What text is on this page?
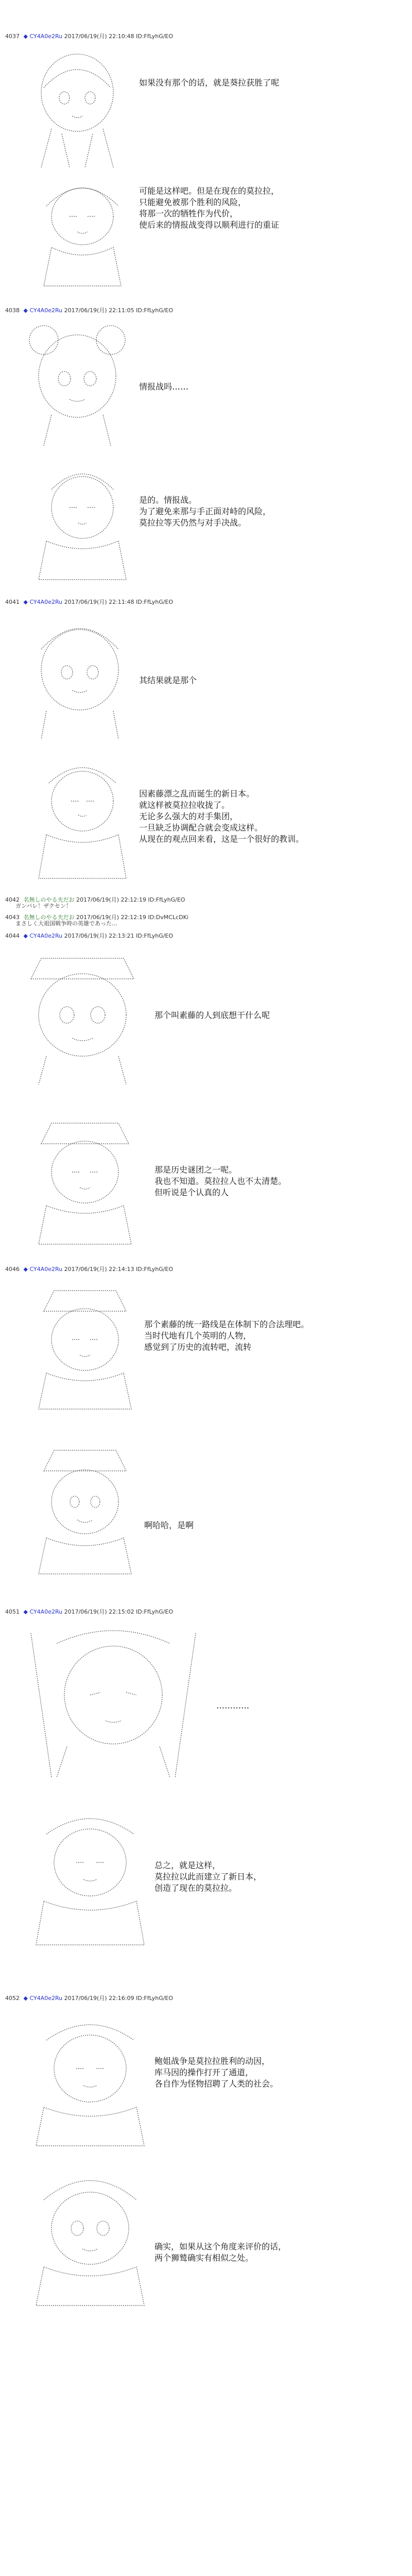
4037 ◆ CY4A0e2Ru 2017/06/19(月) 22:10:48 ID:FfLyhG/EO
4038 ◆ CY4A0e2Ru 2017/06/19(月) 22:11:05 ID:FfLyhG/EO
4041 ◆ CY4A0e2Ru 2017/06/19(月) 22:11:48 ID:FfLyhG/EO
4042 名無しのやる夫だお 2017/06/19(月) 22:12:19 ID:FfLyhG/EO
ガンバレ！ザクセン！
4043 名無しのやる夫だお 2017/06/19(月) 22:12:19 ID:DvMCLcDKi
まさしく大祖国戦争時の英雄であった...
4044 ◆ CY4A0e2Ru 2017/06/19(月) 22:13:21 ID:FfLyhG/EO
4046 ◆ CY4A0e2Ru 2017/06/19(月) 22:14:13 ID:FfLyhG/EO
4051 ◆ CY4A0e2Ru 2017/06/19(月) 22:15:02 ID:FfLyhG/EO
4052 ◆ CY4A0e2Ru 2017/06/19(月) 22:16:09 ID:FfLyhG/EO
如果没有那个的话，就是葵拉获胜了呢
可能是这样吧。但是在现在的莫拉拉，
只能避免被那个胜利的风险，
将那一次的牺牲作为代价，
使后来的情报战变得以顺利进行的重证
情报战吗……
是的。情报战。
为了避免来那与手正面对峙的风险，
莫拉拉等天仍然与对手决战。
其结果就是那个
因素藤漂之乱而诞生的新日本。
就这样被莫拉拉收拢了。
无论多么强大的对手集团，
一旦缺乏协调配合就会变成这样。
从现在的观点回来看，这是一个很好的教训。
那个叫素藤的人到底想干什么呢
那是历史谜团之一呢。
我也不知道。莫拉拉人也不太清楚。
但听说是个认真的人
那个素藤的统一路线是在体制下的合法理吧。
当时代地有几个英明的人物，
感觉到了历史的流转吧，流转
啊哈哈，是啊
…………
总之，就是这样，
莫拉拉以此而建立了新日本，
创造了现在的莫拉拉。
鲍姐战争是莫拉拉胜利的动因，
库马因的操作打开了通道，
各自作为怪物招聘了人类的社会。
确实，如果从这个角度来评价的话，
两个狮鹫确实有相似之处。
